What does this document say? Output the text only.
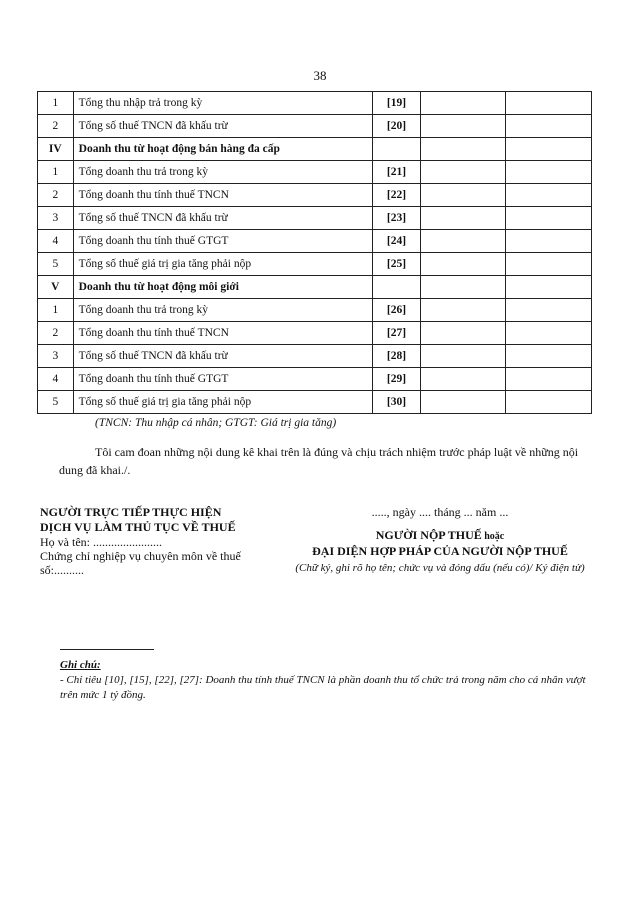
38
1	Tổng thu nhập trả trong kỳ	[19]		
2	Tổng số thuế TNCN đã khấu trừ	[20]		
IV	Doanh thu từ hoạt động bán hàng đa cấp			
1	Tổng doanh thu trả trong kỳ	[21]		
2	Tổng doanh thu tính thuế TNCN	[22]		
3	Tổng số thuế TNCN đã khấu trừ	[23]		
4	Tổng doanh thu tính thuế GTGT	[24]		
5	Tổng số thuế giá trị gia tăng phải nộp	[25]		
V	Doanh thu từ hoạt động môi giới			
1	Tổng doanh thu trả trong kỳ	[26]		
2	Tổng doanh thu tính thuế TNCN	[27]		
3	Tổng số thuế TNCN đã khấu trừ	[28]		
4	Tổng doanh thu tính thuế GTGT	[29]		
5	Tổng số thuế giá trị gia tăng phải nộp	[30]		
(TNCN: Thu nhập cá nhân; GTGT: Giá trị gia tăng)
Tôi cam đoan những nội dung kê khai trên là đúng và chịu trách nhiệm trước pháp luật về những nội dung đã khai./.
NGƯỜI TRỰC TIẾP THỰC HIỆN
DỊCH VỤ LÀM THỦ TỤC VỀ THUẾ
Họ và tên: .......................
Chứng chỉ nghiệp vụ chuyên môn về thuế
số:..........
....., ngày .... tháng ... năm ...
NGƯỜI NỘP THUẾ hoặc
ĐẠI DIỆN HỢP PHÁP CỦA NGƯỜI NỘP THUẾ
(Chữ ký, ghi rõ họ tên; chức vụ và đóng dấu (nếu có)/ Ký điện tử)
Ghi chú:
- Chỉ tiêu [10], [15], [22], [27]: Doanh thu tính thuế TNCN là phần doanh thu tổ chức trả trong năm cho cá nhân vượt trên mức 1 tỷ đồng.
